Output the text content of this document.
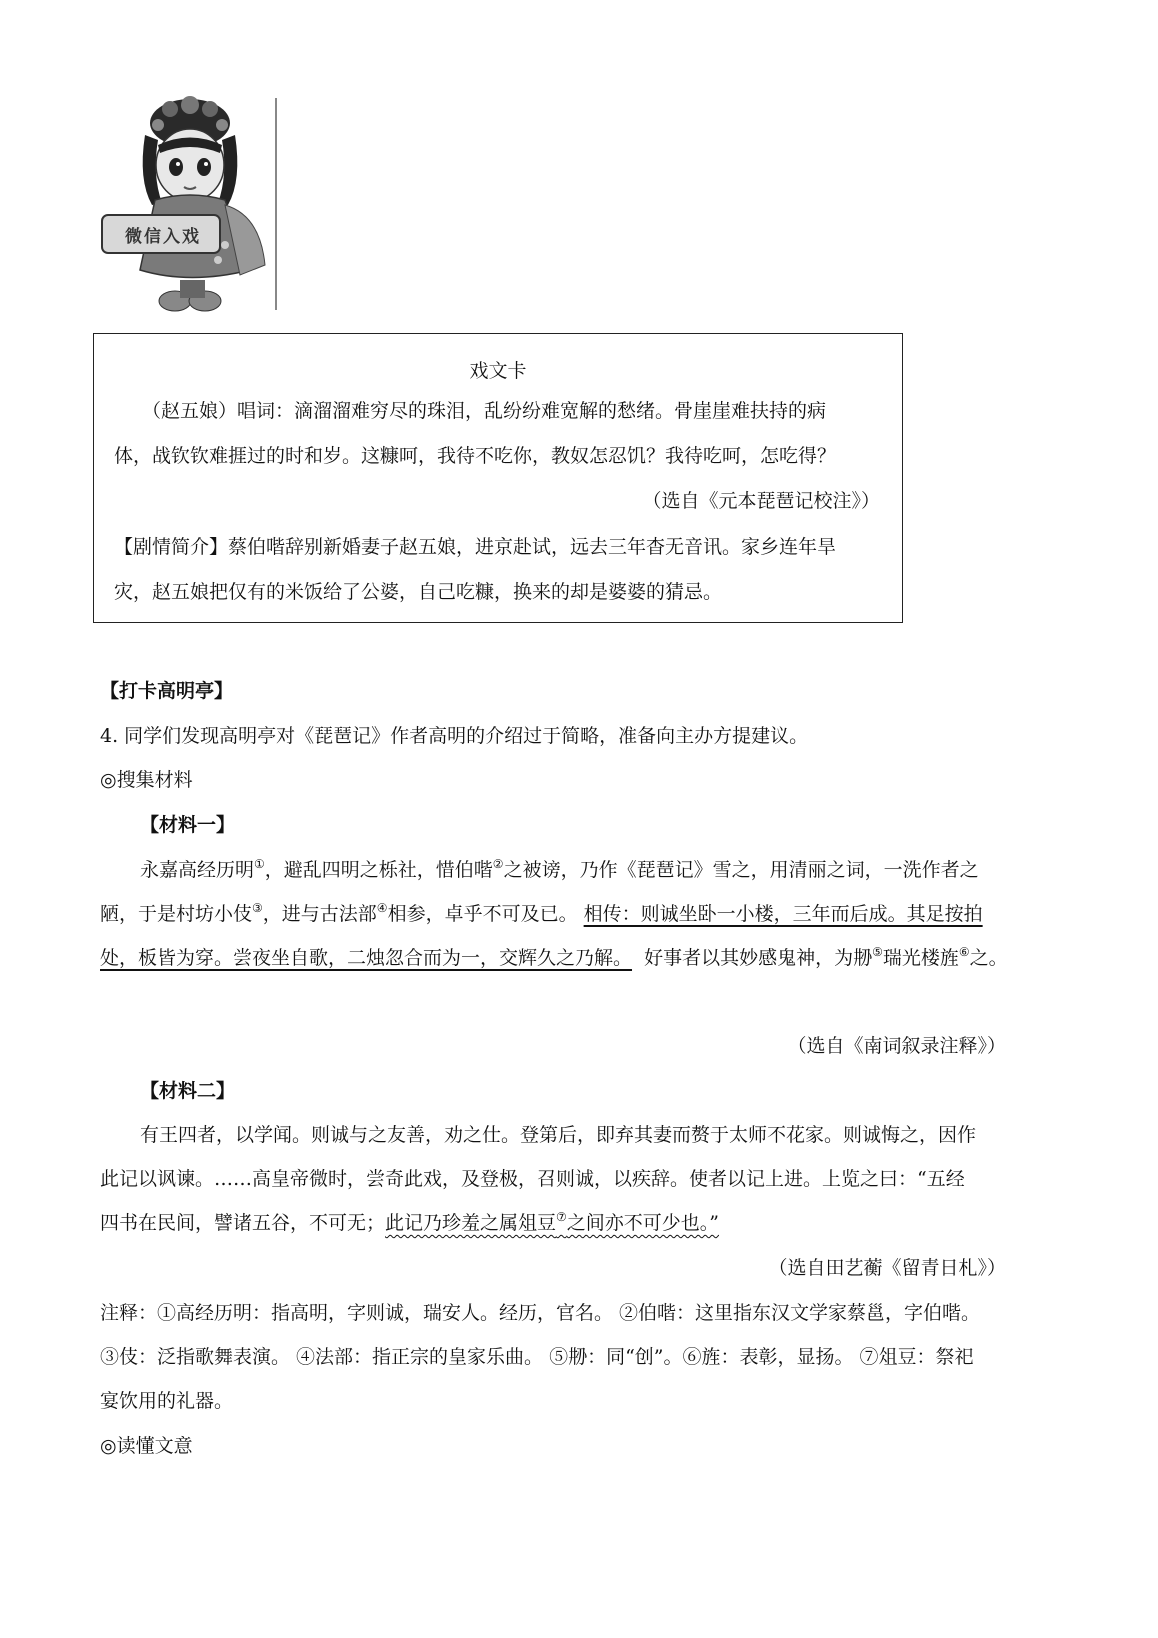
微信入戏
戏文卡
（赵五娘）唱词：滴溜溜难穷尽的珠泪，乱纷纷难宽解的愁绪。骨崖崖难扶持的病
体，战钦钦难捱过的时和岁。这糠呵，我待不吃你，教奴怎忍饥？我待吃呵，怎吃得？
（选自《元本琵琶记校注》）
【剧情简介】蔡伯喈辞别新婚妻子赵五娘，进京赴试，远去三年杳无音讯。家乡连年旱
灾，赵五娘把仅有的米饭给了公婆，自己吃糠，换来的却是婆婆的猜忌。
【打卡高明亭】
4. 同学们发现高明亭对《琵琶记》作者高明的介绍过于简略，准备向主办方提建议。
◎搜集材料
【材料一】
永嘉高经历明①，避乱四明之栎社，惜伯喈②之被谤，乃作《琵琶记》雪之，用清丽之词，一洗作者之
陋，于是村坊小伎③，进与古法部④相参，卓乎不可及已。 相传：则诚坐卧一小楼，三年而后成。其足按拍
处，板皆为穿。尝夜坐自歌，二烛忽合而为一，交辉久之乃解。 好事者以其妙感鬼神，为刱⑤瑞光楼旌⑥之。
（选自《南词叙录注释》）
【材料二】
有王四者，以学闻。则诚与之友善，劝之仕。登第后，即弃其妻而赘于太师不花家。则诚悔之，因作
此记以讽谏。……高皇帝微时，尝奇此戏，及登极，召则诚，以疾辞。使者以记上进。上览之曰：“五经
四书在民间，譬诸五谷，不可无；此记乃珍羞之属俎豆⑦之间亦不可少也。”
（选自田艺蘅《留青日札》）
注释：①高经历明：指高明，字则诚，瑞安人。经历，官名。 ②伯喈：这里指东汉文学家蔡邕，字伯喈。
③伎：泛指歌舞表演。 ④法部：指正宗的皇家乐曲。 ⑤刱：同“创”。⑥旌：表彰，显扬。 ⑦俎豆：祭祀
宴饮用的礼器。
◎读懂文意
